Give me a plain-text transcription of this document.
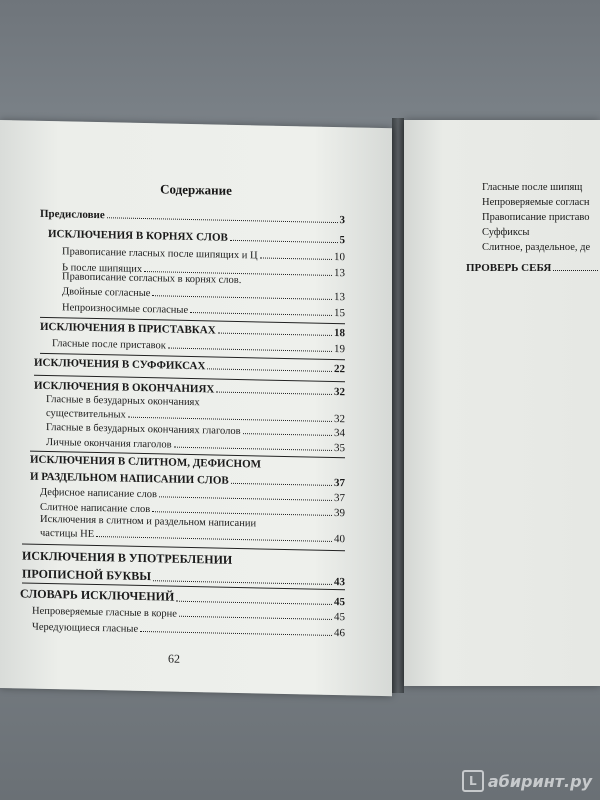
Содержание
Предисловие	3
ИСКЛЮЧЕНИЯ В КОРНЯХ СЛОВ	5
Правописание гласных после шипящих и Ц	10
Ь после шипящих	13
Правописание согласных в корнях слов.
Двойные согласные	13
Непроизносимые согласные	15
ИСКЛЮЧЕНИЯ В ПРИСТАВКАХ	18
Гласные после приставок	19
ИСКЛЮЧЕНИЯ В СУФФИКСАХ	22
ИСКЛЮЧЕНИЯ В ОКОНЧАНИЯХ	32
Гласные в безударных окончаниях
существительных	32
Гласные в безударных окончаниях глаголов	34
Личные окончания глаголов	35
ИСКЛЮЧЕНИЯ В СЛИТНОМ, ДЕФИСНОМ
И РАЗДЕЛЬНОМ НАПИСАНИИ СЛОВ	37
Дефисное написание слов	37
Слитное написание слов	39
Исключения в слитном и раздельном написании
частицы НЕ	40
ИСКЛЮЧЕНИЯ В УПОТРЕБЛЕНИИ
ПРОПИСНОЙ БУКВЫ	43
СЛОВАРЬ ИСКЛЮЧЕНИЙ	45
Непроверяемые гласные в корне	45
Чередующиеся гласные	46
62
Гласные после шипящ
Непроверяемые согласн
Правописание приставо
Суффиксы
Слитное, раздельное, де
ПРОВЕРЬ СЕБЯ
L абиринт.ру
